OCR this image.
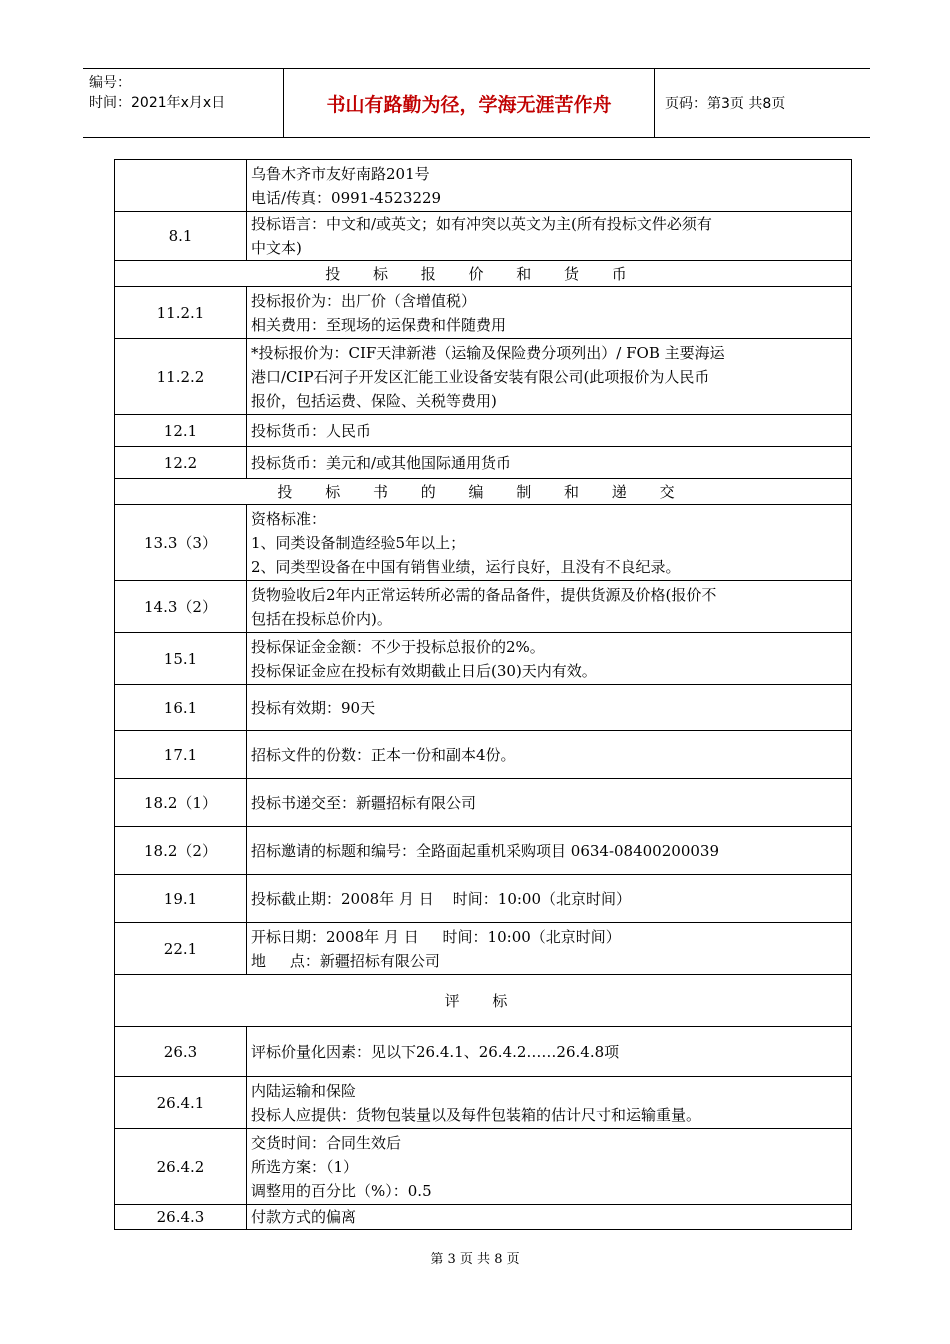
编号：
时间：2021年x月x日	书山有路勤为径，学海无涯苦作舟	页码：第3页 共8页

	乌鲁木齐市友好南路201号
电话/传真：0991-4523229

8.1	投标语言：中文和/或英文；如有冲突以英文为主(所有投标文件必须有
中文本)

投 标 报 价 和 货 币	
11.2.1	投标报价为：出厂价（含增值税）
相关费用：至现场的运保费和伴随费用

11.2.2	*投标报价为：CIF天津新港（运输及保险费分项列出）/ FOB 主要海运
港口/CIP石河子开发区汇能工业设备安装有限公司(此项报价为人民币
报价，包括运费、保险、关税等费用)

12.1	投标货币：人民币

12.2	投标货币：美元和/或其他国际通用货币

投 标 书 的 编 制 和 递 交	
13.3（3）	资格标准：
1、同类设备制造经验5年以上；
2、同类型设备在中国有销售业绩，运行良好，且没有不良纪录。

14.3（2）	货物验收后2年内正常运转所必需的备品备件，提供货源及价格(报价不
包括在投标总价内)。

15.1	投标保证金金额：不少于投标总报价的2%。
投标保证金应在投标有效期截止日后(30)天内有效。

16.1	投标有效期：90天

17.1	招标文件的份数：正本一份和副本4份。

18.2（1）	投标书递交至：新疆招标有限公司

18.2（2）	招标邀请的标题和编号：全路面起重机采购项目 0634-08400200039

19.1	投标截止期：2008年 月 日    时间：10:00（北京时间）

22.1	开标日期：2008年 月 日     时间：10:00（北京时间）
地     点：新疆招标有限公司

评 标	
26.3	评标价量化因素：见以下26.4.1、26.4.2……26.4.8项

26.4.1	内陆运输和保险
投标人应提供：货物包装量以及每件包装箱的估计尺寸和运输重量。

26.4.2	交货时间：合同生效后
所选方案：（1）
调整用的百分比（%）：0.5

26.4.3	付款方式的偏离
第 3 页 共 8 页
